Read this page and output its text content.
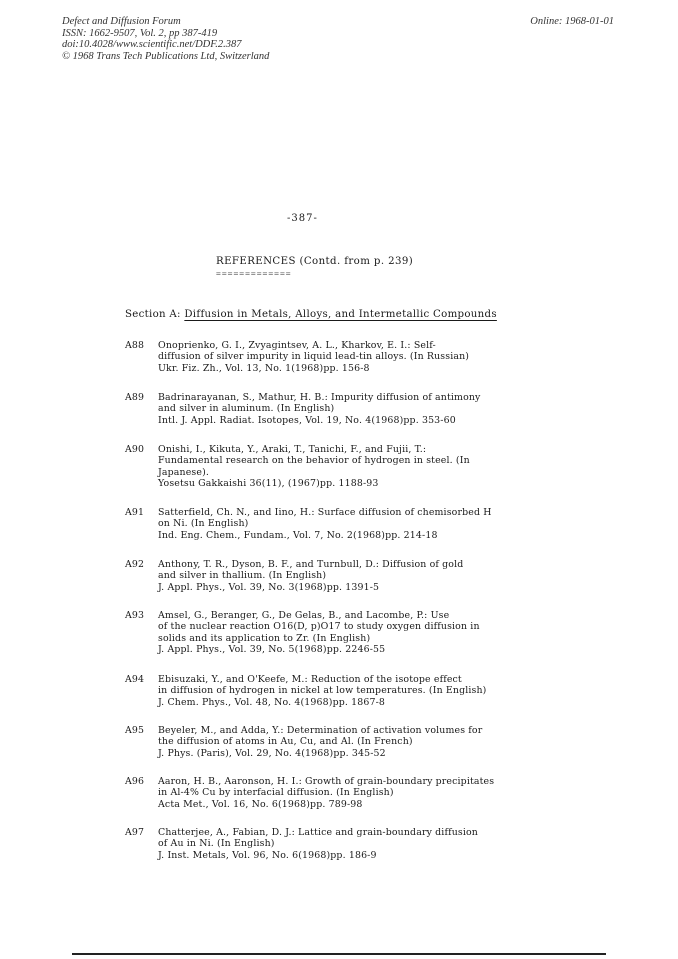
Defect and Diffusion Forum
ISSN: 1662-9507, Vol. 2, pp 387-419
doi:10.4028/www.scientific.net/DDF.2.387
© 1968 Trans Tech Publications Ltd, Switzerland
Online: 1968-01-01
-387-
REFERENCES (Contd. from p. 239)
=============
Section A: Diffusion in Metals, Alloys, and Intermetallic Compounds
A88	Onoprienko, G. I., Zvyagintsev, A. L., Kharkov, E. I.: Self-
diffusion of silver impurity in liquid lead-tin alloys. (In Russian)
Ukr. Fiz. Zh., Vol. 13, No. 1(1968)pp. 156-8
A89	Badrinarayanan, S., Mathur, H. B.: Impurity diffusion of antimony
and silver in aluminum. (In English)
Intl. J. Appl. Radiat. Isotopes, Vol. 19, No. 4(1968)pp. 353-60
A90	Onishi, I., Kikuta, Y., Araki, T., Tanichi, F., and Fujii, T.:
Fundamental research on the behavior of hydrogen in steel. (In
Japanese).
Yosetsu Gakkaishi 36(11), (1967)pp. 1188-93
A91	Satterfield, Ch. N., and Iino, H.: Surface diffusion of chemisorbed H
on Ni. (In English)
Ind. Eng. Chem., Fundam., Vol. 7, No. 2(1968)pp. 214-18
A92	Anthony, T. R., Dyson, B. F., and Turnbull, D.: Diffusion of gold
and silver in thallium. (In English)
J. Appl. Phys., Vol. 39, No. 3(1968)pp. 1391-5
A93	Amsel, G., Beranger, G., De Gelas, B., and Lacombe, P.: Use
of the nuclear reaction O16(D, p)O17 to study oxygen diffusion in
solids and its application to Zr. (In English)
J. Appl. Phys., Vol. 39, No. 5(1968)pp. 2246-55
A94	Ebisuzaki, Y., and O'Keefe, M.: Reduction of the isotope effect
in diffusion of hydrogen in nickel at low temperatures. (In English)
J. Chem. Phys., Vol. 48, No. 4(1968)pp. 1867-8
A95	Beyeler, M., and Adda, Y.: Determination of activation volumes for
the diffusion of atoms in Au, Cu, and Al. (In French)
J. Phys. (Paris), Vol. 29, No. 4(1968)pp. 345-52
A96	Aaron, H. B., Aaronson, H. I.: Growth of grain-boundary precipitates
in Al-4% Cu by interfacial diffusion. (In English)
Acta Met., Vol. 16, No. 6(1968)pp. 789-98
A97	Chatterjee, A., Fabian, D. J.: Lattice and grain-boundary diffusion
of Au in Ni. (In English)
J. Inst. Metals, Vol. 96, No. 6(1968)pp. 186-9
